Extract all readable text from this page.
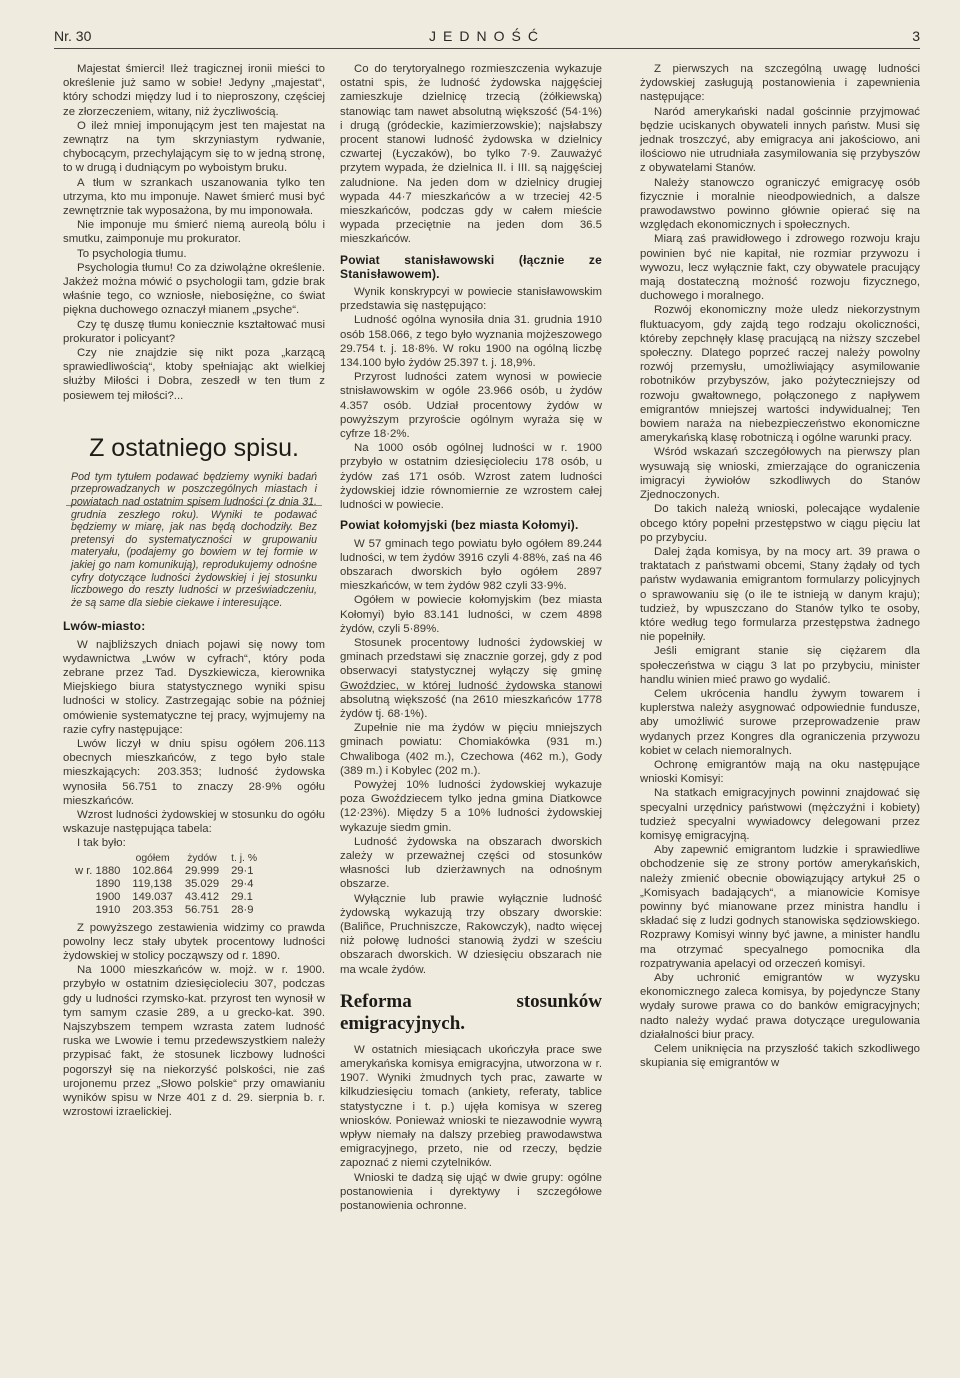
Nr. 30	JEDNOŚĆ	3

Majestat śmierci! Ileż tragicznej ironii mieści to określenie już samo w sobie! Jedyny „majestat“, który schodzi między lud i to nieproszony, częściej ze złorzeczeniem, witany, niż życzliwością.

O ileż mniej imponującym jest ten majestat na zewnątrz na tym skrzyniastym rydwanie, chybocącym, przechylającym się to w jedną stronę, to w drugą i dudniącym po wyboistym bruku.

A tłum w szrankach uszanowania tylko ten utrzyma, kto mu imponuje. Nawet śmierć musi być zewnętrznie tak wyposażona, by mu imponowała.

Nie imponuje mu śmierć niemą aureolą bólu i smutku, zaimponuje mu prokurator.

To psychologia tłumu.

Psychologia tłumu! Co za dziwolążne określenie. Jakżeż można mówić o psychologii tam, gdzie brak właśnie tego, co wzniosłe, niebosiężne, co świat piękna duchowego oznaczył mianem „psyche“.

Czy tę duszę tłumu koniecznie kształtować musi prokurator i policyant?

Czy nie znajdzie się nikt poza „karzącą sprawiedliwością“, ktoby spełniając akt wielkiej służby Miłości i Dobra, zeszedł w ten tłum z posiewem tej miłości?...

Z ostatniego spisu.
Pod tym tytułem podawać będziemy wyniki badań przeprowadzanych w poszczególnych miastach i powiatach nad ostatnim spisem ludności (z dnia 31. grudnia zeszłego roku). Wyniki te podawać będziemy w miarę, jak nas będą dochodziły. Bez pretensyi do systematyczności w grupowaniu materyału, (podajemy go bowiem w tej formie w jakiej go nam komunikują), reprodukujemy odnośne cyfry dotyczące ludności żydowskiej i jej stosunku liczbowego do reszty ludności w przeświadczeniu, że są same dla siebie ciekawe i interesujące.
Lwów-miasto:

W najbliższych dniach pojawi się nowy tom wydawnictwa „Lwów w cyfrach“, który poda zebrane przez Tad. Dyszkiewicza, kierownika Miejskiego biura statystycznego wyniki spisu ludności w stolicy. Zastrzegając sobie na później omówienie systematyczne tej pracy, wyjmujemy na razie cyfry następujące:

Lwów liczył w dniu spisu ogółem 206.113 obecnych mieszkańców, z tego było stale mieszkających: 203.353; ludność żydowska wynosiła 56.751 to znaczy 28·9% ogółu mieszkańców.

Wzrost ludności żydowskiej w stosunku do ogółu wskazuje następująca tabela:

I tak było:

	ogółem	żydów	t. j. %
w r. 1880	102.864	29.999	29·1
1890	119,138	35.029	29·4
1900	149.037	43.412	29.1
1910	203.353	56.751	28·9

Z powyższego zestawienia widzimy co prawda powolny lecz stały ubytek procentowy ludności żydowskiej w stolicy począwszy od r. 1890.

Na 1000 mieszkańców w. mojż. w r. 1900. przybyło w ostatnim dziesięcioleciu 307, podczas gdy u ludności rzymsko-kat. przyrost ten wynosił w tym samym czasie 289, a u grecko-kat. 390. Najszybszem tempem wzrasta zatem ludność ruska we Lwowie i temu przedewszystkiem należy przypisać fakt, że stosunek liczbowy ludności pogorszył się na niekorzyść polskości, nie zaś urojonemu przez „Słowo polskie“ przy omawianiu wyników spisu w Nrze 401 z d. 29. sierpnia b. r. wzrostowi izraelickiej.

Co do terytoryalnego rozmieszczenia wykazuje ostatni spis, że ludność żydowska najgęściej zamieszkuje dzielnicę trzecią (żółkiewską) stanowiąc tam nawet absolutną większość (54·1%) i drugą (gródeckie, kazimierzowskie); najsłabszy procent stanowi ludność żydowska w dzielnicy czwartej (Łyczaków), bo tylko 7·9. Zauważyć przytem wypada, że dzielnica II. i III. są najgęściej zaludnione. Na jeden dom w dzielnicy drugiej wypada 44·7 mieszkańców a w trzeciej 42·5 mieszkańców, podczas gdy w całem mieście wypada przeciętnie na jeden dom 36.5 mieszkańców.

Powiat stanisławowski (łącznie ze Stanisławowem).

Wynik konskrypcyi w powiecie stanisławowskim przedstawia się następująco:

Ludność ogólna wynosiła dnia 31. grudnia 1910 osób 158.066, z tego było wyznania mojżeszowego 29.754 t. j. 18·8%. W roku 1900 na ogólną liczbę 134.100 było żydów 25.397 t. j. 18,9%.

Przyrost ludności zatem wynosi w powiecie stnisławowskim w ogóle 23.966 osób, u żydów 4.357 osób. Udział procentowy żydów w powyższym przyroście ogólnym wyraża się w cyfrze 18·2%.

Na 1000 osób ogólnej ludności w r. 1900 przybyło w ostatnim dziesięcioleciu 178 osób, u żydów zaś 171 osób. Wzrost zatem ludności żydowskiej idzie równomiernie ze wzrostem całej ludności w powiecie.

Powiat kołomyjski (bez miasta Kołomyi).

W 57 gminach tego powiatu było ogółem 89.244 ludności, w tem żydów 3916 czyli 4·88%, zaś na 46 obszarach dworskich było ogółem 2897 mieszkańców, w tem żydów 982 czyli 33·9%.

Ogółem w powiecie kołomyjskim (bez miasta Kołomyi) było 83.141 ludności, w czem 4898 żydów, czyli 5·89%.

Stosunek procentowy ludności żydowskiej w gminach przedstawi się znacznie gorzej, gdy z pod obserwacyi statystycznej wyłączy się gminę Gwoździec, w której ludność żydowska stanowi absolutną większość (na 2610 mieszkańców 1778 żydów tj. 68·1%).

Zupełnie nie ma żydów w pięciu mniejszych gminach powiatu: Chomiakówka (931 m.) Chwaliboga (402 m.), Czechowa (462 m.), Gody (389 m.) i Kobylec (202 m.).

Powyżej 10% ludności żydowskiej wykazuje poza Gwoździecem tylko jedna gmina Diatkowce (12·23%). Między 5 a 10% ludności żydowskiej wykazuje siedm gmin.

Ludność żydowska na obszarach dworskich zależy w przeważnej części od stosunków własności lub dzierżawnych na odnośnym obszarze.

Wyłącznie lub prawie wyłącznie ludność żydowską wykazują trzy obszary dworskie: (Baliñce, Pruchniszcze, Rakowczyk), nadto więcej niż połowę ludności stanowią żydzi w sześciu obszarach dworskich. W dziesięciu obszarach nie ma wcale żydów.

Reforma stosunków emigracyjnych.

W ostatnich miesiącach ukończyła prace swe amerykańska komisya emigracyjna, utworzona w r. 1907. Wyniki żmudnych tych prac, zawarte w kilkudziesięciu tomach (ankiety, referaty, tablice statystyczne i t. p.) ujęła komisya w szereg wniosków. Ponieważ wnioski te niezawodnie wywrą wpływ niemały na dalszy przebieg prawodawstwa emigracyjnego, przeto, nie od rzeczy, będzie zapoznać z niemi czytelników.

Wnioski te dadzą się ująć w dwie grupy: ogólne postanowienia i dyrektywy i szczegółowe postanowienia ochronne.

Z pierwszych na szczególną uwagę ludności żydowskiej zasługują postanowienia i zapewnienia następujące:

Naród amerykański nadal gościnnie przyjmować będzie uciskanych obywateli innych państw. Musi się jednak troszczyć, aby emigracya ani jakościowo, ani ilościowo nie utrudniała zasymilowania się przybyszów z obywatelami Stanów.

Należy stanowczo ograniczyć emigracyę osób fizycznie i moralnie nieodpowiednich, a dalsze prawodawstwo powinno głównie opierać się na względach ekonomicznych i społecznych.

Miarą zaś prawidłowego i zdrowego rozwoju kraju powinien być nie kapitał, nie rozmiar przywozu i wywozu, lecz wyłącznie fakt, czy obywatele pracujący mają dostateczną możność rozwoju fizycznego, duchowego i moralnego.

Rozwój ekonomiczny może uledz niekorzystnym fluktuacyom, gdy zajdą tego rodzaju okoliczności, któreby zepchnęły klasę pracującą na niższy szczebel społeczny. Dlatego poprzeć raczej należy powolny rozwój przemysłu, umożliwiający asymilowanie robotników przybyszów, jako pożyteczniejszy od rozwoju gwałtownego, połączonego z napływem emigrantów mniejszej wartości indywidualnej; Ten bowiem naraża na niebezpieczeństwo ekonomiczne amerykańską klasę robotniczą i ogólne warunki pracy.

Wśród wskazań szczegółowych na pierwszy plan wysuwają się wnioski, zmierzające do ograniczenia imigracyi żywiołów szkodliwych do Stanów Zjednoczonych.

Do takich należą wnioski, polecające wydalenie obcego który popełni przestępstwo w ciągu pięciu lat po przybyciu.

Dalej żąda komisya, by na mocy art. 39 prawa o traktatach z państwami obcemi, Stany żądały od tych państw wydawania emigrantom formularzy policyjnych o sprawowaniu się (o ile te istnieją w danym kraju); tudzież, by wpuszczano do Stanów tylko te osoby, które według tego formularza przestępstwa żadnego nie popełniły.

Jeśli emigrant stanie się ciężarem dla społeczeństwa w ciągu 3 lat po przybyciu, minister handlu winien mieć prawo go wydalić.

Celem ukrócenia handlu żywym towarem i kuplerstwa należy asygnować odpowiednie fundusze, aby umożliwić surowe przeprowadzenie praw wydanych przez Kongres dla ograniczenia przywozu kobiet w celach niemoralnych.

Ochronę emigrantów mają na oku następujące wnioski Komisyi:

Na statkach emigracyjnych powinni znajdować się specyalni urzędnicy państwowi (mężczyźni i kobiety) tudzież specyalni wywiadowcy delegowani przez komisyę emigracyjną.

Aby zapewnić emigrantom ludzkie i sprawiedliwe obchodzenie się ze strony portów amerykańskich, należy zmienić obecnie obowiązujący artykuł 25 o „Komisyach badających“, a mianowicie Komisye powinny być mianowane przez ministra handlu i składać się z ludzi godnych stanowiska sędziowskiego. Rozprawy Komisyi winny być jawne, a minister handlu ma otrzymać specyalnego pomocnika dla rozpatrywania apelacyi od orzeczeń komisyi.

Aby uchronić emigrantów w wyzysku ekonomicznego zaleca komisya, by pojedyncze Stany wydały surowe prawa co do banków emigracyjnych; nadto należy wydać prawa dotyczące uregulowania działalności biur pracy.

Celem uniknięcia na przyszłość takich szkodliwego skupiania się emigrantów w
